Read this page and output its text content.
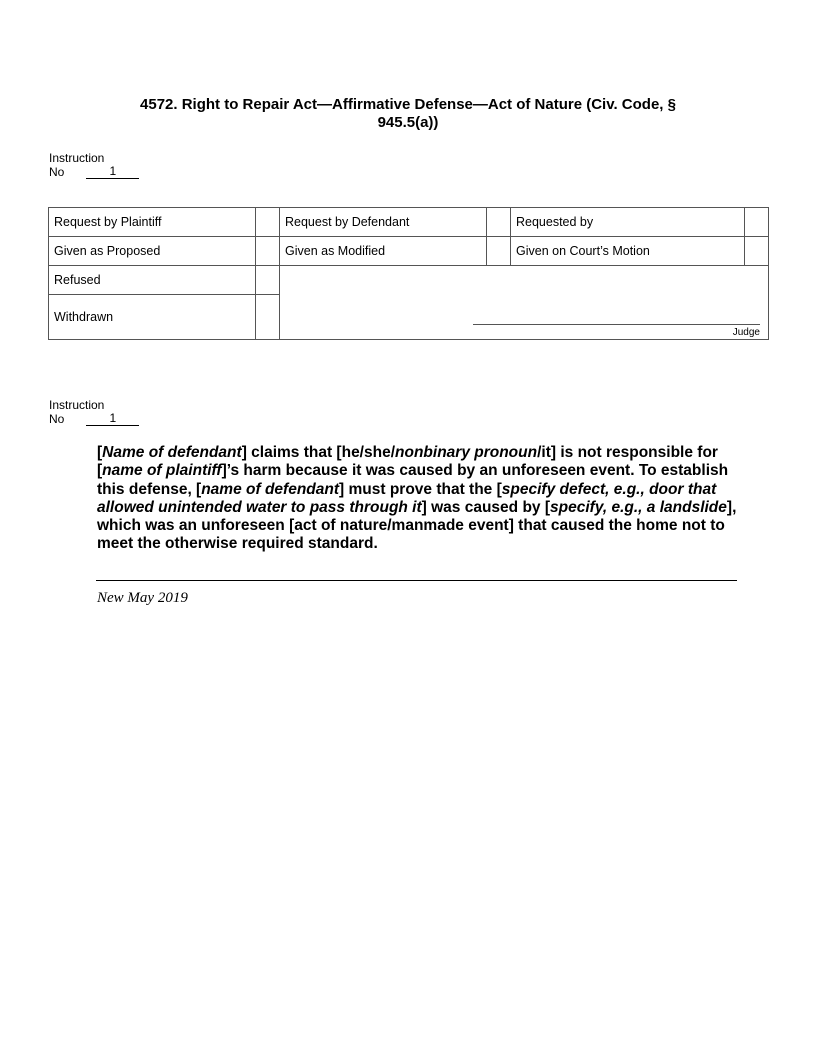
4572. Right to Repair Act—Affirmative Defense—Act of Nature (Civ. Code, § 945.5(a))
Instruction
No	1
Request by Plaintiff		Request by Defendant		Requested by	
Given as Proposed		Given as Modified		Given on Court’s Motion	
Refused		Judge			

Withdrawn					
Instruction
No	1
[Name of defendant] claims that [he/she/nonbinary pronoun/it] is not responsible for [name of plaintiff]’s harm because it was caused by an unforeseen event. To establish this defense, [name of defendant] must prove that the [specify defect, e.g., door that allowed unintended water to pass through it] was caused by [specify, e.g., a landslide], which was an unforeseen [act of nature/manmade event] that caused the home not to meet the otherwise required standard.
New May 2019
